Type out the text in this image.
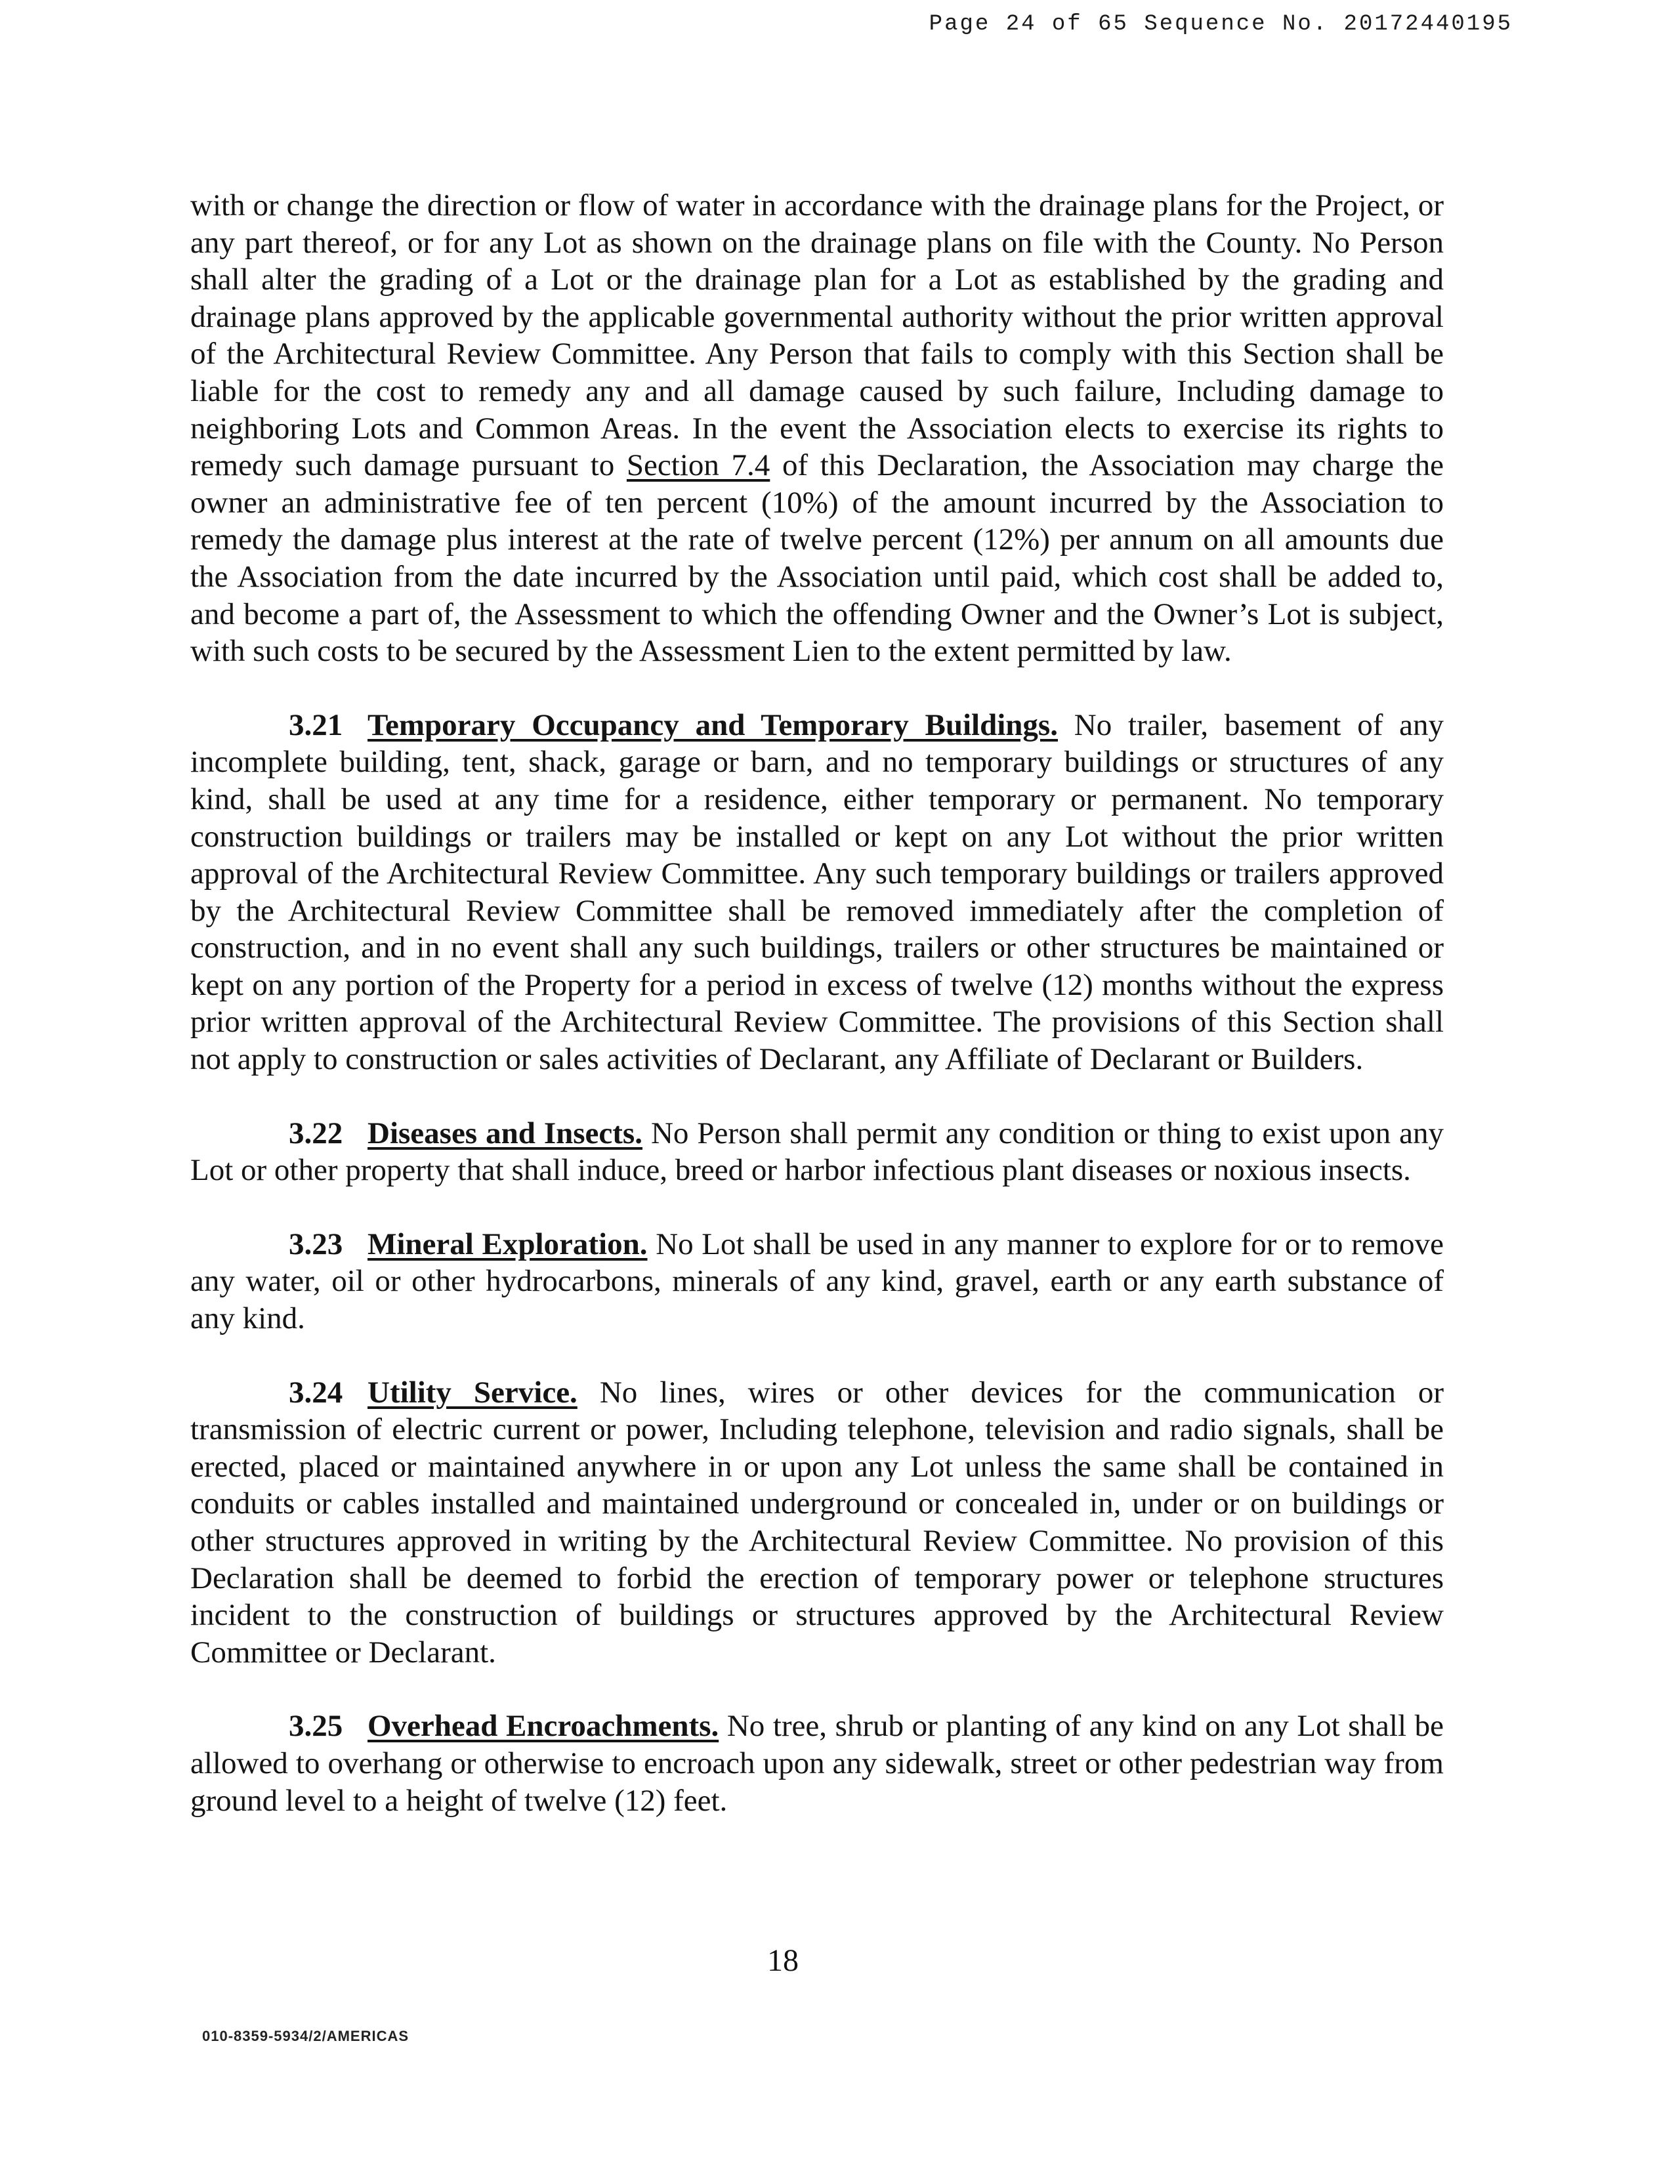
Page 24 of 65 Sequence No. 20172440195

with or change the direction or flow of water in accordance with the drainage plans for the Project, or any part thereof, or for any Lot as shown on the drainage plans on file with the County. No Person shall alter the grading of a Lot or the drainage plan for a Lot as established by the grading and drainage plans approved by the applicable governmental authority without the prior written approval of the Architectural Review Committee. Any Person that fails to comply with this Section shall be liable for the cost to remedy any and all damage caused by such failure, Including damage to neighboring Lots and Common Areas. In the event the Association elects to exercise its rights to remedy such damage pursuant to Section 7.4 of this Declaration, the Association may charge the owner an administrative fee of ten percent (10%) of the amount incurred by the Association to remedy the damage plus interest at the rate of twelve percent (12%) per annum on all amounts due the Association from the date incurred by the Association until paid, which cost shall be added to, and become a part of, the Assessment to which the offending Owner and the Owner’s Lot is subject, with such costs to be secured by the Assessment Lien to the extent permitted by law.

3.21 Temporary Occupancy and Temporary Buildings. No trailer, basement of any incomplete building, tent, shack, garage or barn, and no temporary buildings or structures of any kind, shall be used at any time for a residence, either temporary or permanent. No temporary construction buildings or trailers may be installed or kept on any Lot without the prior written approval of the Architectural Review Committee. Any such temporary buildings or trailers approved by the Architectural Review Committee shall be removed immediately after the completion of construction, and in no event shall any such buildings, trailers or other structures be maintained or kept on any portion of the Property for a period in excess of twelve (12) months without the express prior written approval of the Architectural Review Committee. The provisions of this Section shall not apply to construction or sales activities of Declarant, any Affiliate of Declarant or Builders.

3.22 Diseases and Insects. No Person shall permit any condition or thing to exist upon any Lot or other property that shall induce, breed or harbor infectious plant diseases or noxious insects.

3.23 Mineral Exploration. No Lot shall be used in any manner to explore for or to remove any water, oil or other hydrocarbons, minerals of any kind, gravel, earth or any earth substance of any kind.

3.24 Utility Service. No lines, wires or other devices for the communication or transmission of electric current or power, Including telephone, television and radio signals, shall be erected, placed or maintained anywhere in or upon any Lot unless the same shall be contained in conduits or cables installed and maintained underground or concealed in, under or on buildings or other structures approved in writing by the Architectural Review Committee. No provision of this Declaration shall be deemed to forbid the erection of temporary power or telephone structures incident to the construction of buildings or structures approved by the Architectural Review Committee or Declarant.

3.25 Overhead Encroachments. No tree, shrub or planting of any kind on any Lot shall be allowed to overhang or otherwise to encroach upon any sidewalk, street or other pedestrian way from ground level to a height of twelve (12) feet.

18
010-8359-5934/2/AMERICAS
